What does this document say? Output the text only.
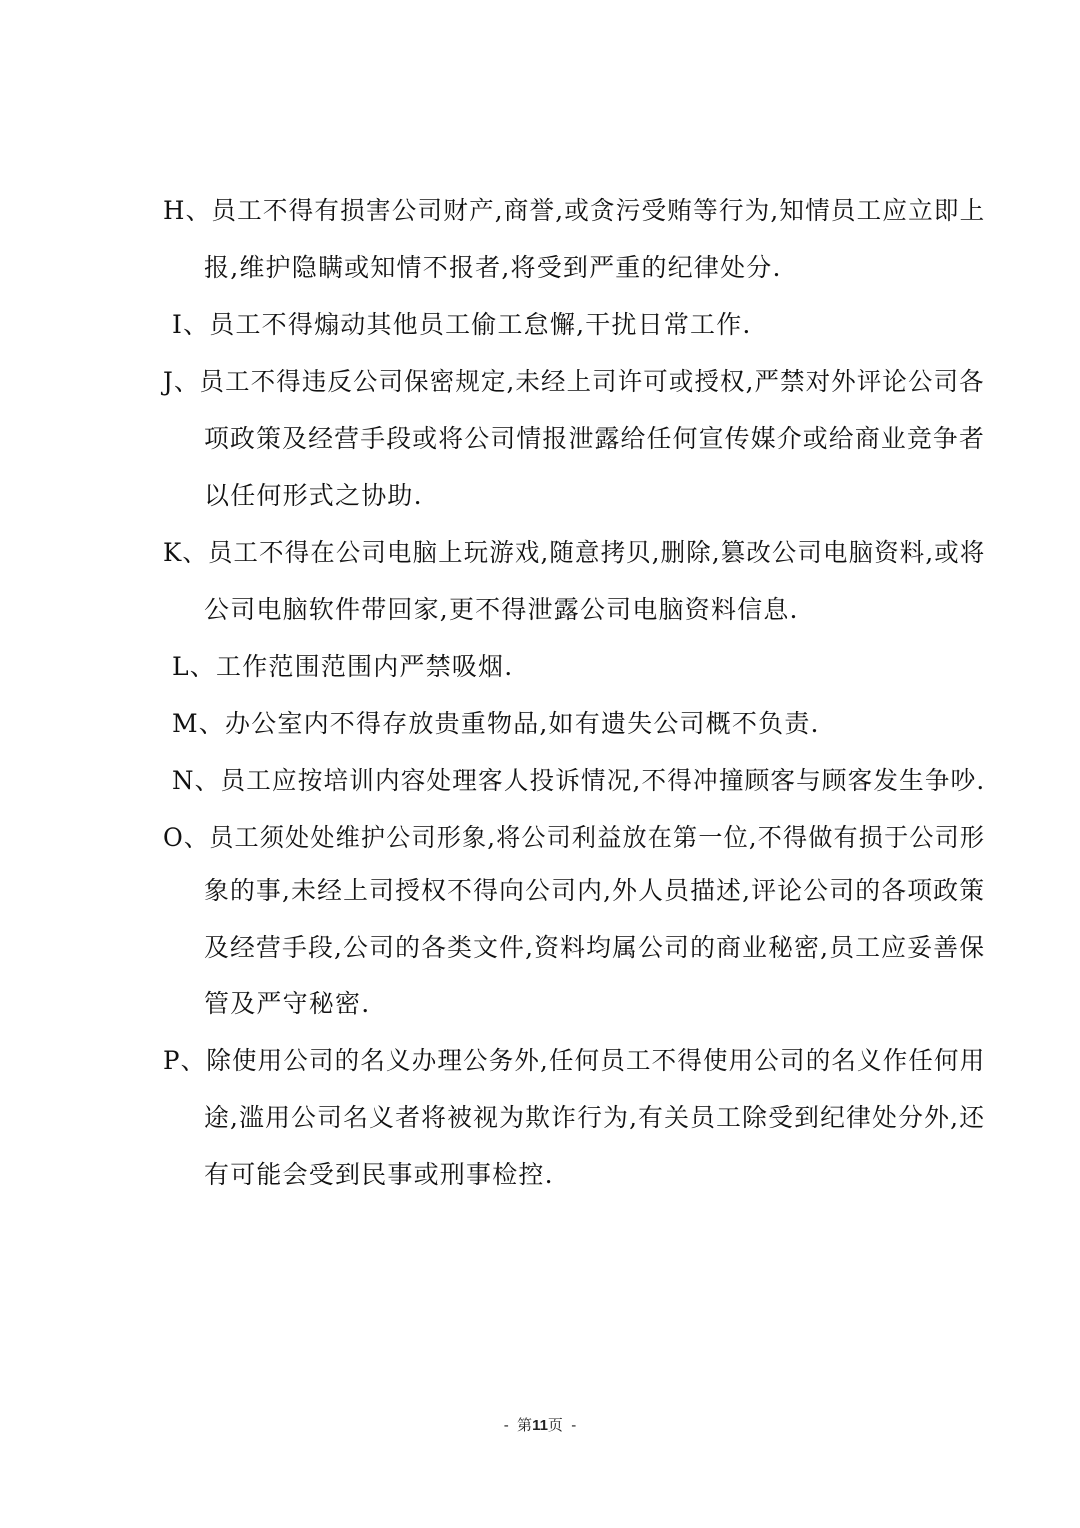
H、员工不得有损害公司财产,商誉,或贪污受贿等行为,知情员工应立即上

报,维护隐瞒或知情不报者,将受到严重的纪律处分.

I、员工不得煽动其他员工偷工怠懈,干扰日常工作.

J、员工不得违反公司保密规定,未经上司许可或授权,严禁对外评论公司各

项政策及经营手段或将公司情报泄露给任何宣传媒介或给商业竞争者

以任何形式之协助.

K、员工不得在公司电脑上玩游戏,随意拷贝,删除,篡改公司电脑资料,或将

公司电脑软件带回家,更不得泄露公司电脑资料信息.

L、工作范围范围内严禁吸烟.

M、办公室内不得存放贵重物品,如有遗失公司概不负责.

N、员工应按培训内容处理客人投诉情况,不得冲撞顾客与顾客发生争吵.

O、员工须处处维护公司形象,将公司利益放在第一位,不得做有损于公司形

象的事,未经上司授权不得向公司内,外人员描述,评论公司的各项政策

及经营手段,公司的各类文件,资料均属公司的商业秘密,员工应妥善保

管及严守秘密.

P、除使用公司的名义办理公务外,任何员工不得使用公司的名义作任何用

途,滥用公司名义者将被视为欺诈行为,有关员工除受到纪律处分外,还

有可能会受到民事或刑事检控.

-  第11页  -
